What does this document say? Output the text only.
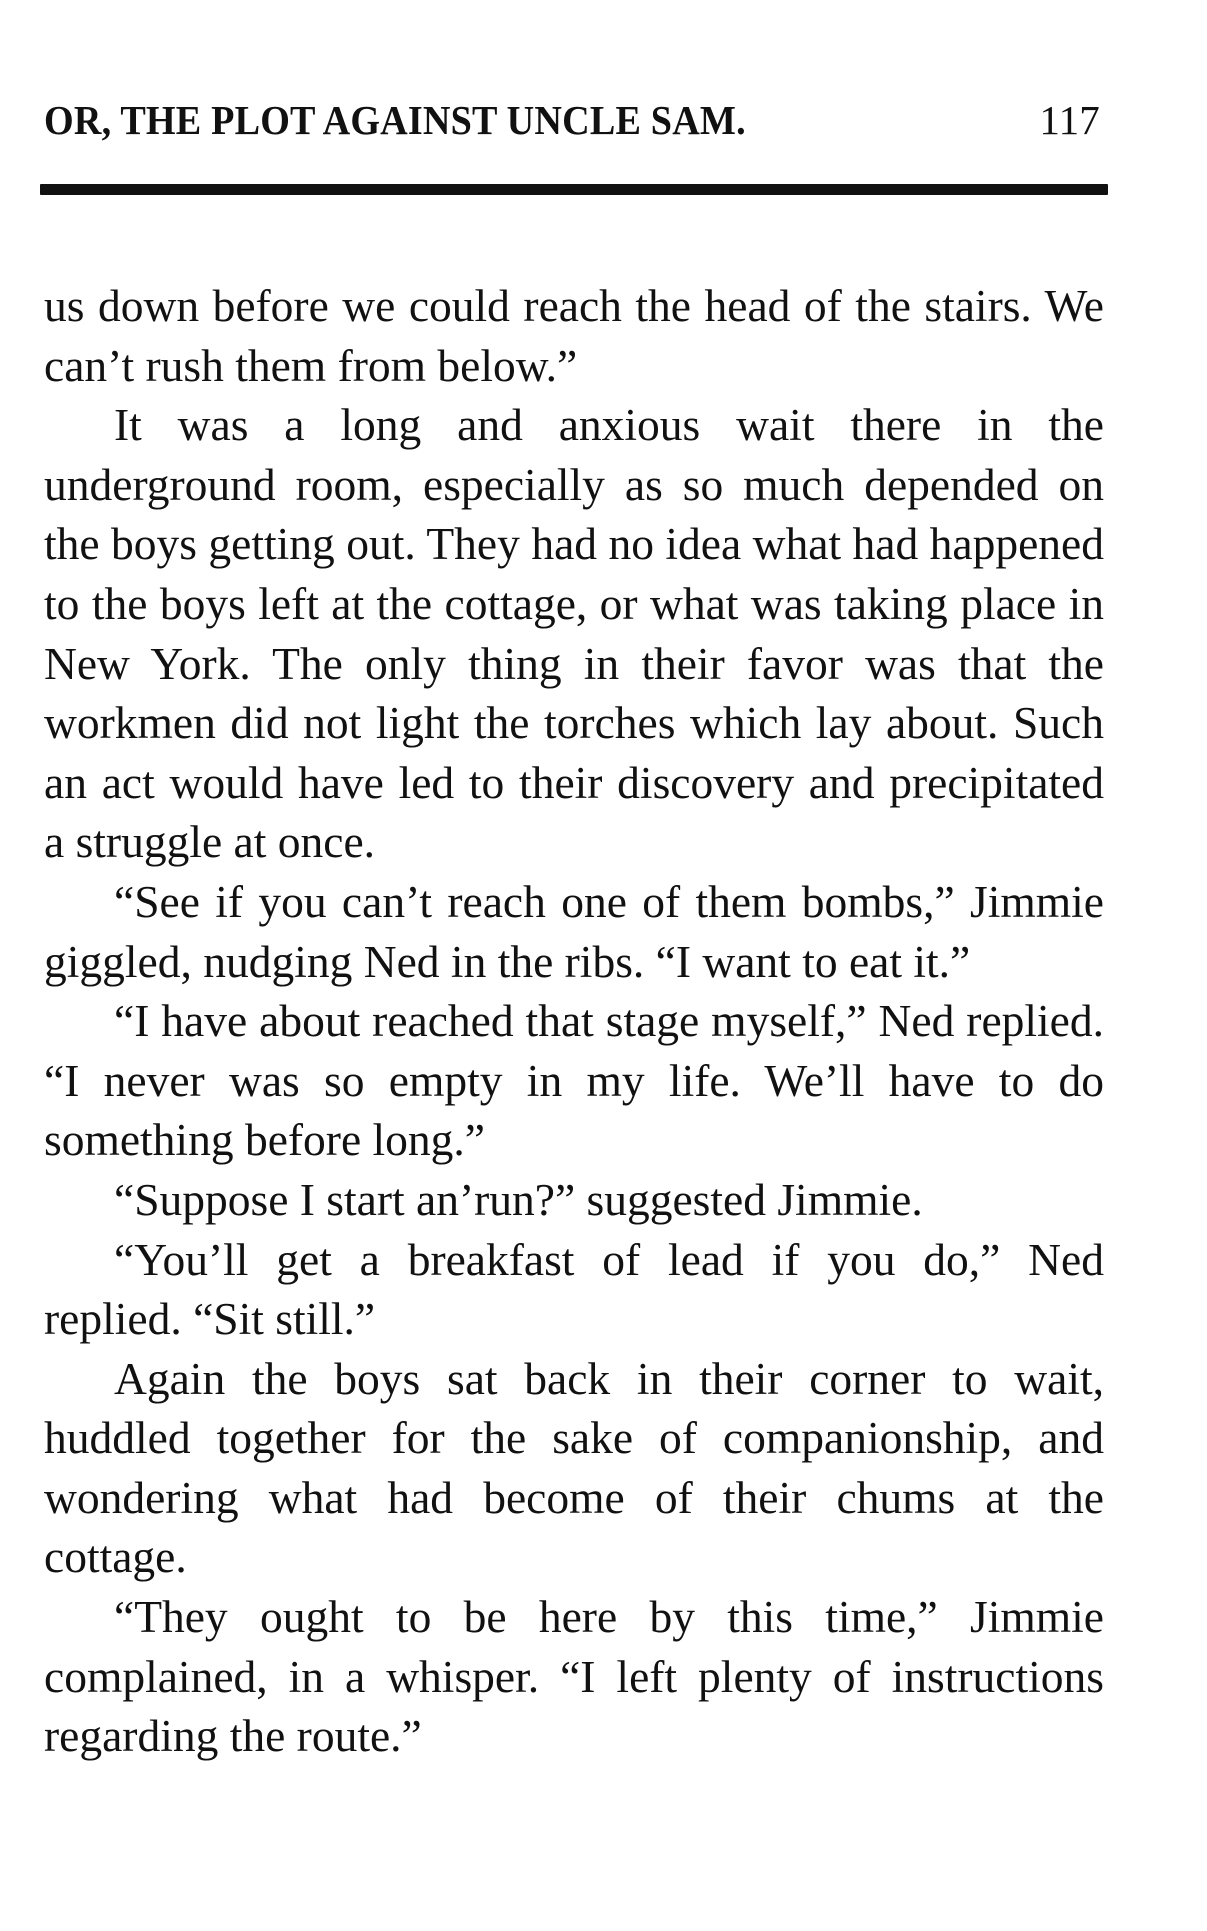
OR, THE PLOT AGAINST UNCLE SAM.	117

us down before we could reach the head of the stairs. We can’t rush them from below.”

It was a long and anxious wait there in the underground room, especially as so much depended on the boys getting out. They had no idea what had happened to the boys left at the cottage, or what was taking place in New York. The only thing in their favor was that the workmen did not light the torches which lay about. Such an act would have led to their discovery and precipitated a struggle at once.

“See if you can’t reach one of them bombs,” Jimmie giggled, nudging Ned in the ribs. “I want to eat it.”

“I have about reached that stage myself,” Ned replied. “I never was so empty in my life. We’ll have to do something before long.”

“Suppose I start an’run?” suggested Jimmie.

“You’ll get a breakfast of lead if you do,” Ned replied. “Sit still.”

Again the boys sat back in their corner to wait, huddled together for the sake of companionship, and wondering what had become of their chums at the cottage.

“They ought to be here by this time,” Jimmie complained, in a whisper. “I left plenty of instructions regarding the route.”
